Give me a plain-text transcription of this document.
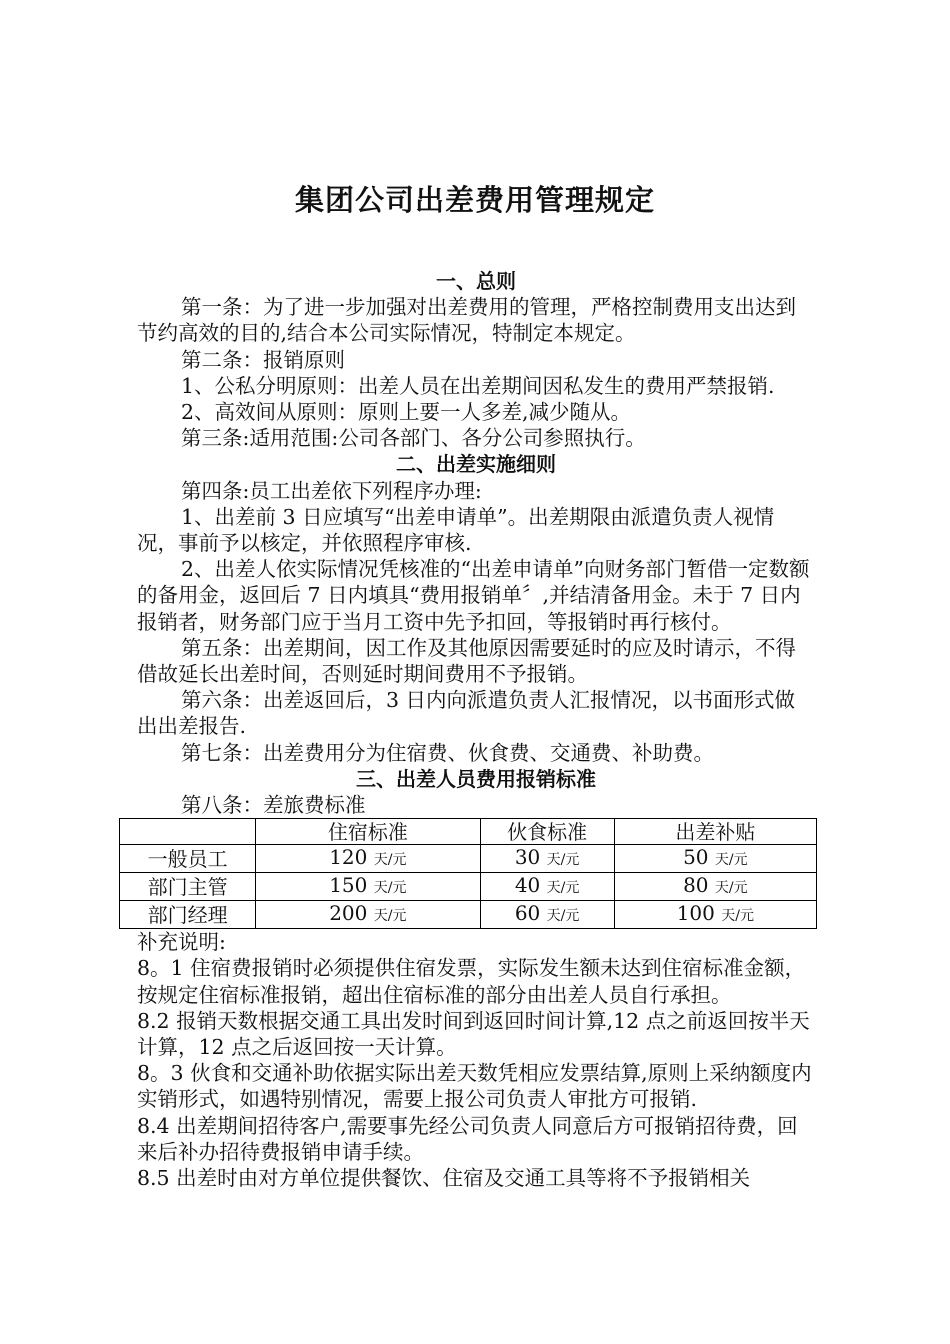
集团公司出差费用管理规定

一、总则

第一条：为了进一步加强对出差费用的管理，严格控制费用支出达到节约高效的目的,结合本公司实际情况，特制定本规定。

第二条：报销原则

1、公私分明原则：出差人员在出差期间因私发生的费用严禁报销.

2、高效间从原则：原则上要一人多差,减少随从。

第三条:适用范围:公司各部门、各分公司参照执行。

二、出差实施细则

第四条:员工出差依下列程序办理:

1、出差前 3 日应填写“出差申请单”。出差期限由派遣负责人视情况，事前予以核定，并依照程序审核.

2、出差人依实际情况凭核准的“出差申请单”向财务部门暂借一定数额的备用金，返回后 7 日内填具“费用报销单〞,并结清备用金。未于 7 日内报销者，财务部门应于当月工资中先予扣回，等报销时再行核付。

第五条：出差期间，因工作及其他原因需要延时的应及时请示，不得借故延长出差时间，否则延时期间费用不予报销。

第六条：出差返回后，3 日内向派遣负责人汇报情况，以书面形式做出出差报告.

第七条：出差费用分为住宿费、伙食费、交通费、补助费。

三、出差人员费用报销标准

第八条：差旅费标准

	住宿标准	伙食标准	出差补贴
一般员工	120 天/元	30 天/元	50 天/元
部门主管	150 天/元	40 天/元	80 天/元
部门经理	200 天/元	60 天/元	100 天/元

补充说明:

8。1 住宿费报销时必须提供住宿发票，实际发生额未达到住宿标准金额，按规定住宿标准报销，超出住宿标准的部分由出差人员自行承担。

8.2 报销天数根据交通工具出发时间到返回时间计算,12 点之前返回按半天计算，12 点之后返回按一天计算。

8。3 伙食和交通补助依据实际出差天数凭相应发票结算,原则上采纳额度内实销形式，如遇特别情况，需要上报公司负责人审批方可报销.

8.4 出差期间招待客户,需要事先经公司负责人同意后方可报销招待费，回来后补办招待费报销申请手续。

8.5 出差时由对方单位提供餐饮、住宿及交通工具等将不予报销相关
